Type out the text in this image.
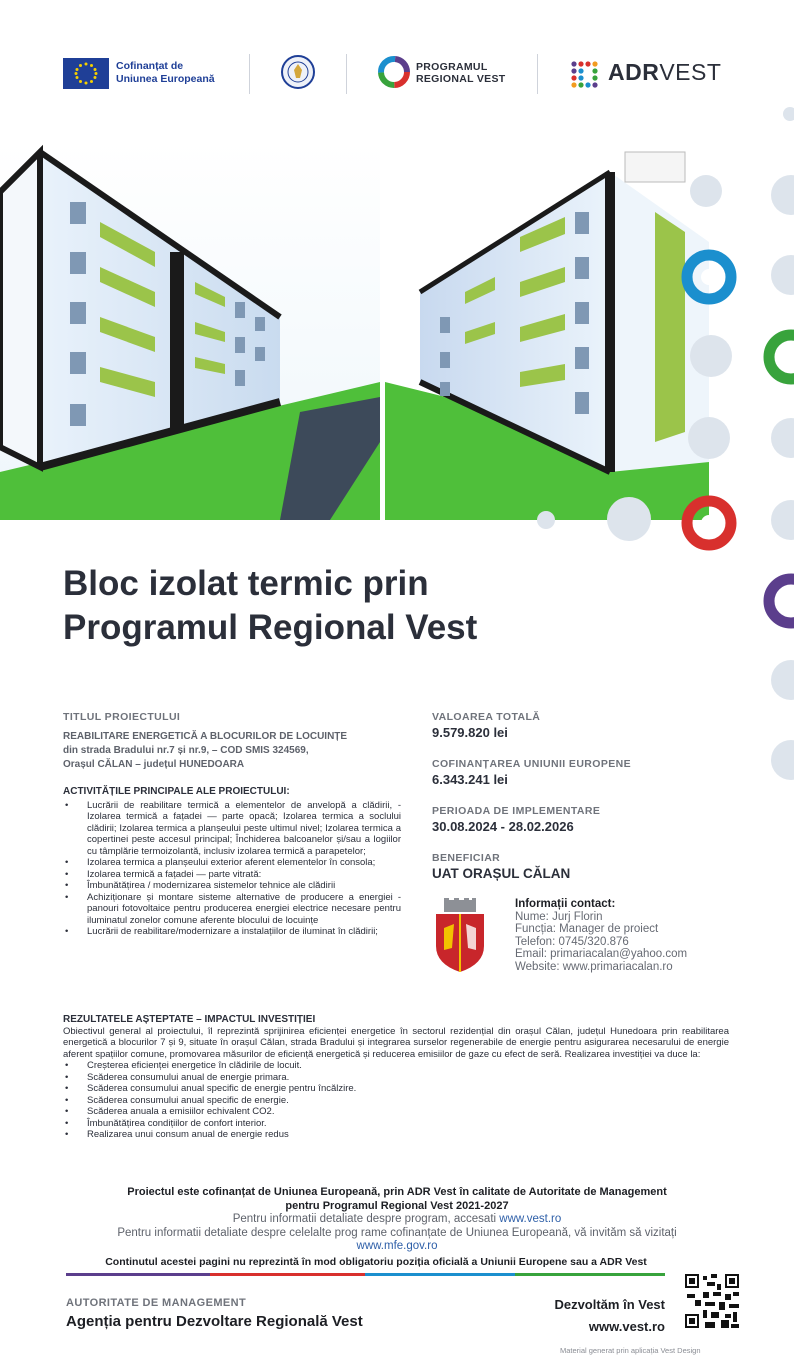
Cofinanțat de
Uniunea Europeană
PROGRAMUL
REGIONAL VEST	ADRVEST
Bloc izolat termic prin
Programul Regional Vest
TITLUL PROIECTULUI
REABILITARE ENERGETICĂ A BLOCURILOR DE LOCUINȚE
din strada Bradului nr.7 și nr.9, – COD SMIS 324569,
Orașul CĂLAN – județul HUNEDOARA
ACTIVITĂȚILE PRINCIPALE ALE PROIECTULUI:
• Lucrării de reabilitare termică a elementelor de anvelopă a clădirii, - Izolarea termică a fațadei — parte opacă; Izolarea termica a soclului clădirii; Izolarea termica a planșeului peste ultimul nivel; Izolarea termica a copertinei peste accesul principal; Închiderea balcoanelor și/sau a logiilor cu tâmplărie termoizolantă, inclusiv izolarea termică a parapetelor;
• Izolarea termica a planșeului exterior aferent elementelor în consola;
• Izolarea termică a fațadei — parte vitrată:
• Îmbunătățirea / modernizarea sistemelor tehnice ale clădirii
• Achiziționare și montare sisteme alternative de producere a energiei - panouri fotovoltaice pentru producerea energiei electrice necesare pentru iluminatul zonelor comune aferente blocului de locuințe
• Lucrării de reabilitare/modernizare a instalațiilor de iluminat în clădirii;
VALOAREA TOTALĂ
9.579.820 lei
COFINANȚAREA UNIUNII EUROPENE
6.343.241 lei
PERIOADA DE IMPLEMENTARE
30.08.2024 - 28.02.2026
BENEFICIAR
UAT ORAȘUL CĂLAN
Informații contact:
Nume: Jurj Florin
Funcția: Manager de proiect
Telefon: 0745/320.876
Email: primariacalan@yahoo.com
Website: www.primariacalan.ro
REZULTATELE AȘTEPTATE – IMPACTUL INVESTIȚIEI

Obiectivul general al proiectului, îl reprezintă sprijinirea eficienței energetice în sectorul rezidențial din orașul Călan, județul Hunedoara prin reabilitarea energetică a blocurilor 7 și 9, situate în orașul Călan, strada Bradului și integrarea surselor regenerabile de energie pentru asigurarea necesarului de energie aferent spațiilor comune, promovarea măsurilor de eficiență energetică și reducerea emisiilor de gaze cu efect de seră. Realizarea investiției va duce la:

• Creșterea eficienței energetice în clădirile de locuit.
• Scăderea consumului anual de energie primara.
• Scăderea consumului anual specific de energie pentru încălzire.
• Scăderea consumului anual specific de energie.
• Scăderea anuala a emisiilor echivalent CO2.
• Îmbunătățirea condițiilor de confort interior.
• Realizarea unui consum anual de energie redus
Proiectul este cofinanțat de Uniunea Europeană, prin ADR Vest în calitate de Autoritate de Management
pentru Programul Regional Vest 2021-2027
Pentru informatii detaliate despre program, accesati www.vest.ro
Pentru informatii detaliate despre celelalte prog rame cofinanțate de Uniunea Europeană, vă invităm să vizitați
www.mfe.gov.ro
Continutul acestei pagini nu reprezintă în mod obligatoriu poziția oficială a Uniunii Europene sau a ADR Vest
AUTORITATE DE MANAGEMENT
Agenția pentru Dezvoltare Regională Vest
Dezvoltăm în Vest
www.vest.ro
Material generat prin aplicația Vest Design
